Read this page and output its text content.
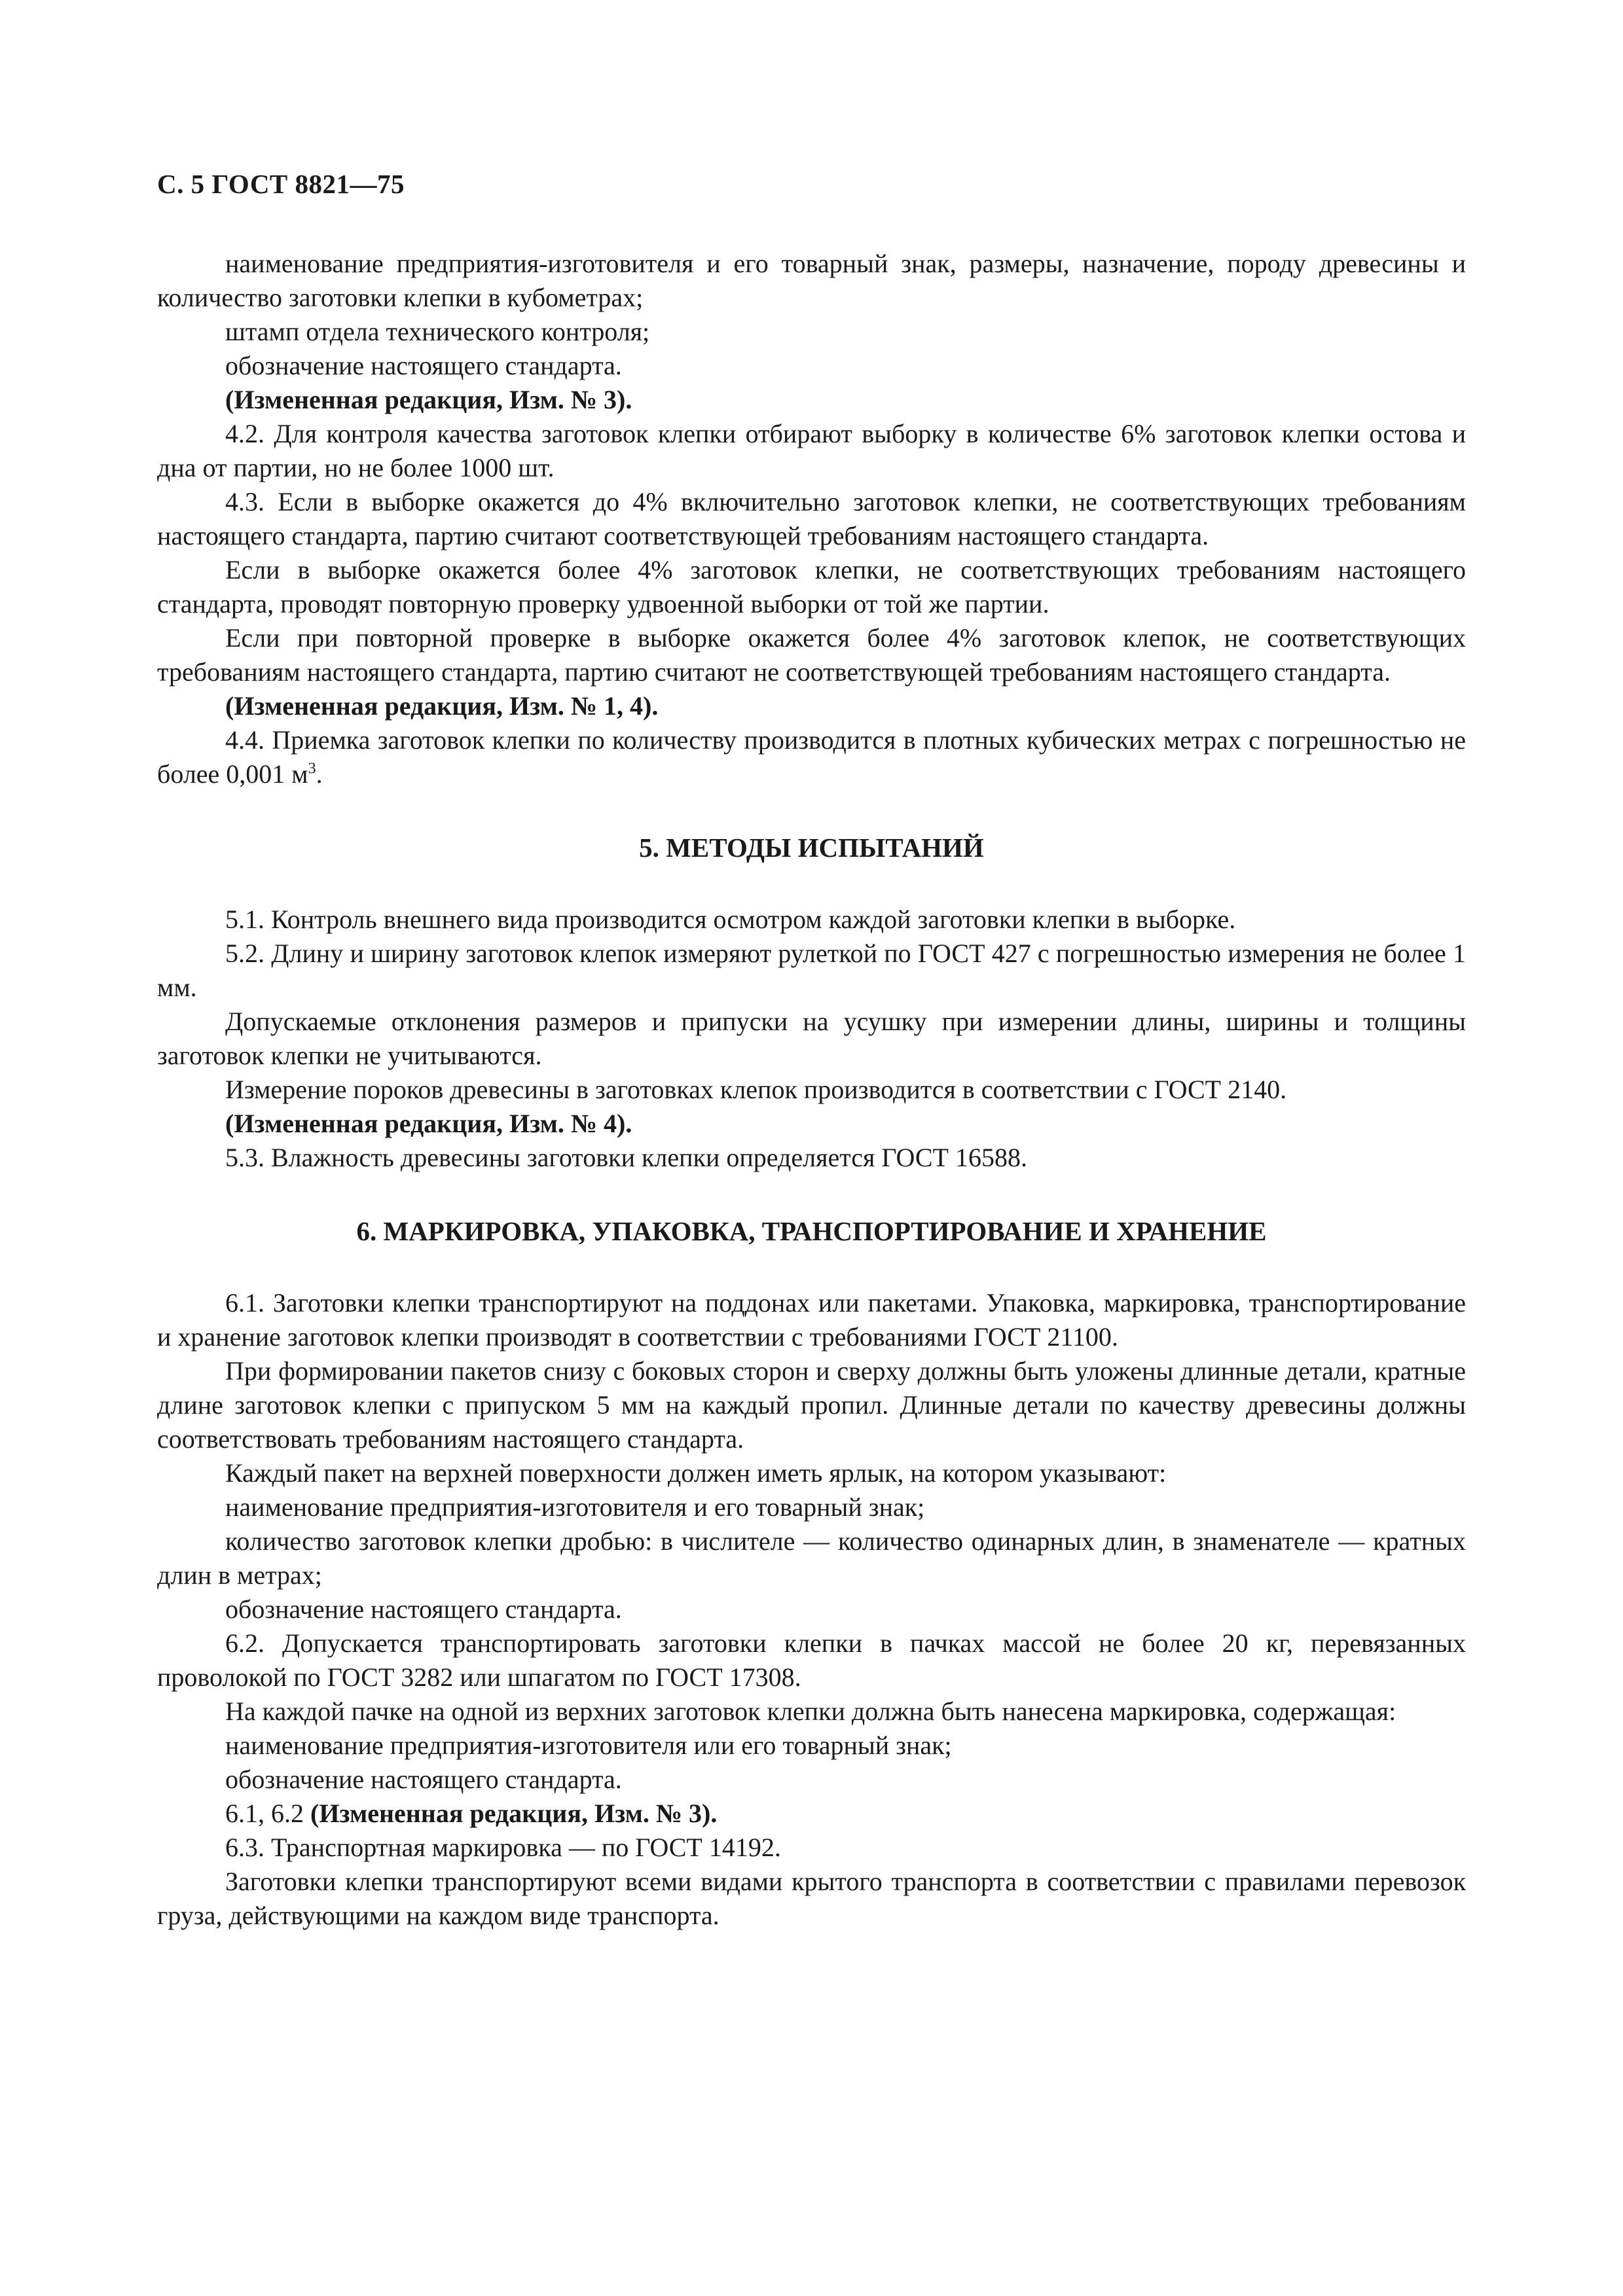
С. 5 ГОСТ 8821—75

наименование предприятия-изготовителя и его товарный знак, размеры, назначение, породу древесины и количество заготовки клепки в кубометрах;

штамп отдела технического контроля;

обозначение настоящего стандарта.

(Измененная редакция, Изм. № 3).

4.2. Для контроля качества заготовок клепки отбирают выборку в количестве 6% заготовок клепки остова и дна от партии, но не более 1000 шт.

4.3. Если в выборке окажется до 4% включительно заготовок клепки, не соответствующих требованиям настоящего стандарта, партию считают соответствующей требованиям настоящего стандарта.

Если в выборке окажется более 4% заготовок клепки, не соответствующих требованиям настоящего стандарта, проводят повторную проверку удвоенной выборки от той же партии.

Если при повторной проверке в выборке окажется более 4% заготовок клепок, не соответствующих требованиям настоящего стандарта, партию считают не соответствующей требованиям настоящего стандарта.

(Измененная редакция, Изм. № 1, 4).

4.4. Приемка заготовок клепки по количеству производится в плотных кубических метрах с погрешностью не более 0,001 $м^3$.

5. МЕТОДЫ ИСПЫТАНИЙ

5.1. Контроль внешнего вида производится осмотром каждой заготовки клепки в выборке.

5.2. Длину и ширину заготовок клепок измеряют рулеткой по ГОСТ 427 с погрешностью измерения не более 1 мм.

Допускаемые отклонения размеров и припуски на усушку при измерении длины, ширины и толщины заготовок клепки не учитываются.

Измерение пороков древесины в заготовках клепок производится в соответствии с ГОСТ 2140.

(Измененная редакция, Изм. № 4).

5.3. Влажность древесины заготовки клепки определяется ГОСТ 16588.

6. МАРКИРОВКА, УПАКОВКА, ТРАНСПОРТИРОВАНИЕ И ХРАНЕНИЕ

6.1. Заготовки клепки транспортируют на поддонах или пакетами. Упаковка, маркировка, транспортирование и хранение заготовок клепки производят в соответствии с требованиями ГОСТ 21100.

При формировании пакетов снизу с боковых сторон и сверху должны быть уложены длинные детали, кратные длине заготовок клепки с припуском 5 мм на каждый пропил. Длинные детали по качеству древесины должны соответствовать требованиям настоящего стандарта.

Каждый пакет на верхней поверхности должен иметь ярлык, на котором указывают:

наименование предприятия-изготовителя и его товарный знак;

количество заготовок клепки дробью: в числителе — количество одинарных длин, в знаменателе — кратных длин в метрах;

обозначение настоящего стандарта.

6.2. Допускается транспортировать заготовки клепки в пачках массой не более 20 кг, перевязанных проволокой по ГОСТ 3282 или шпагатом по ГОСТ 17308.

На каждой пачке на одной из верхних заготовок клепки должна быть нанесена маркировка, содержащая:

наименование предприятия-изготовителя или его товарный знак;

обозначение настоящего стандарта.

6.1, 6.2 (Измененная редакция, Изм. № 3).

6.3. Транспортная маркировка — по ГОСТ 14192.

Заготовки клепки транспортируют всеми видами крытого транспорта в соответствии с правилами перевозок груза, действующими на каждом виде транспорта.
